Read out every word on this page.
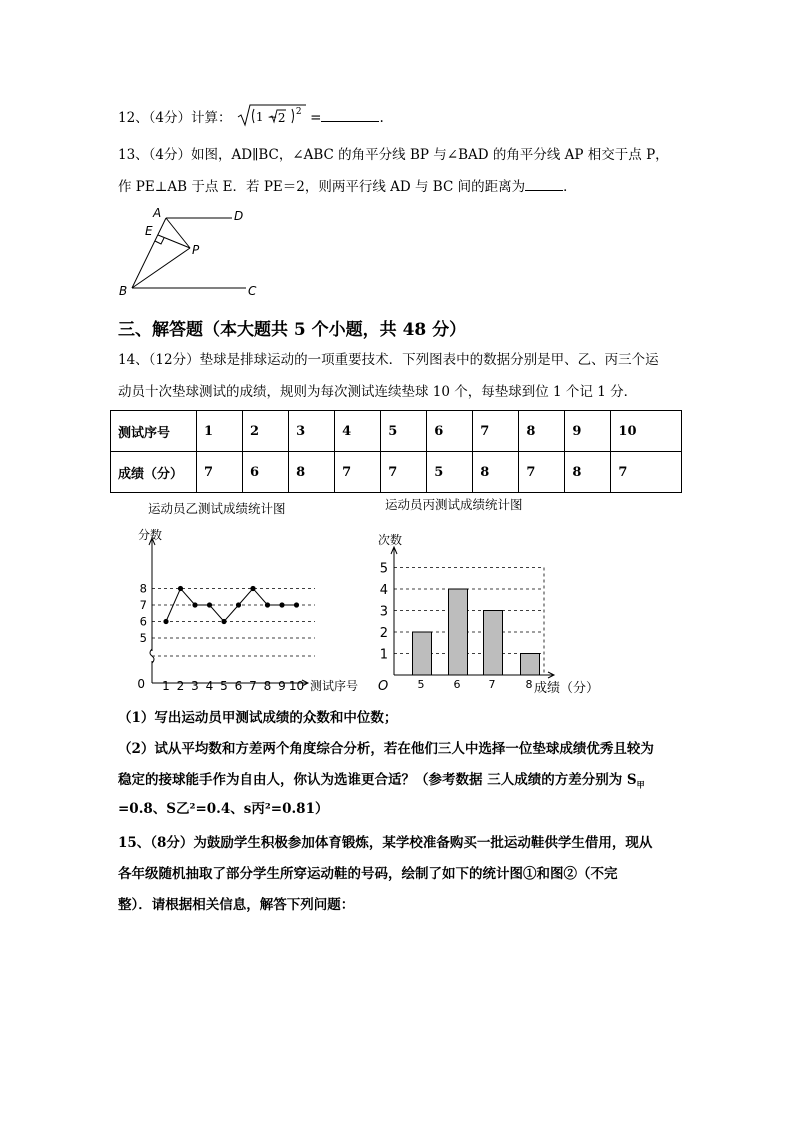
12、（4分）计算： 1 − 2 2 =	.
13、（4分）如图，AD∥BC，∠ABC 的角平分线 BP 与∠BAD 的角平分线 AP 相交于点 P，
作 PE⊥AB 于点 E．若 PE＝2，则两平行线 AD 与 BC 间的距离为	．
A	D
E
P
B	C
三、解答题（本大题共 5 个小题，共 48 分）
14、（12分）垫球是排球运动的一项重要技术．下列图表中的数据分别是甲、乙、丙三个运
动员十次垫球测试的成绩，规则为每次测试连续垫球 10 个，每垫球到位 1 个记 1 分．
测试序号	1	2	3	4	5	6	7	8	9	10
成绩（分）	7	6	8	7	7	5	8	7	8	7
运动员乙测试成绩统计图	运动员丙测试成绩统计图
5
6
7
8
分数
0	测试序号
1 2 3 4 5 6 7 8 9 10
1
2
3
4
5
次数
O	成绩（分）
5	6	7	8
（1）写出运动员甲测试成绩的众数和中位数；
（2）试从平均数和方差两个角度综合分析，若在他们三人中选择一位垫球成绩优秀且较为
稳定的接球能手作为自由人，你认为选谁更合适？（参考数据 三人成绩的方差分别为 $S_甲$
=0.8、S乙²=0.4、s丙²=0.81）
15、（8分）为鼓励学生积极参加体育锻炼，某学校准备购买一批运动鞋供学生借用，现从
各年级随机抽取了部分学生所穿运动鞋的号码，绘制了如下的统计图①和图②（不完
整）．请根据相关信息，解答下列问题：
